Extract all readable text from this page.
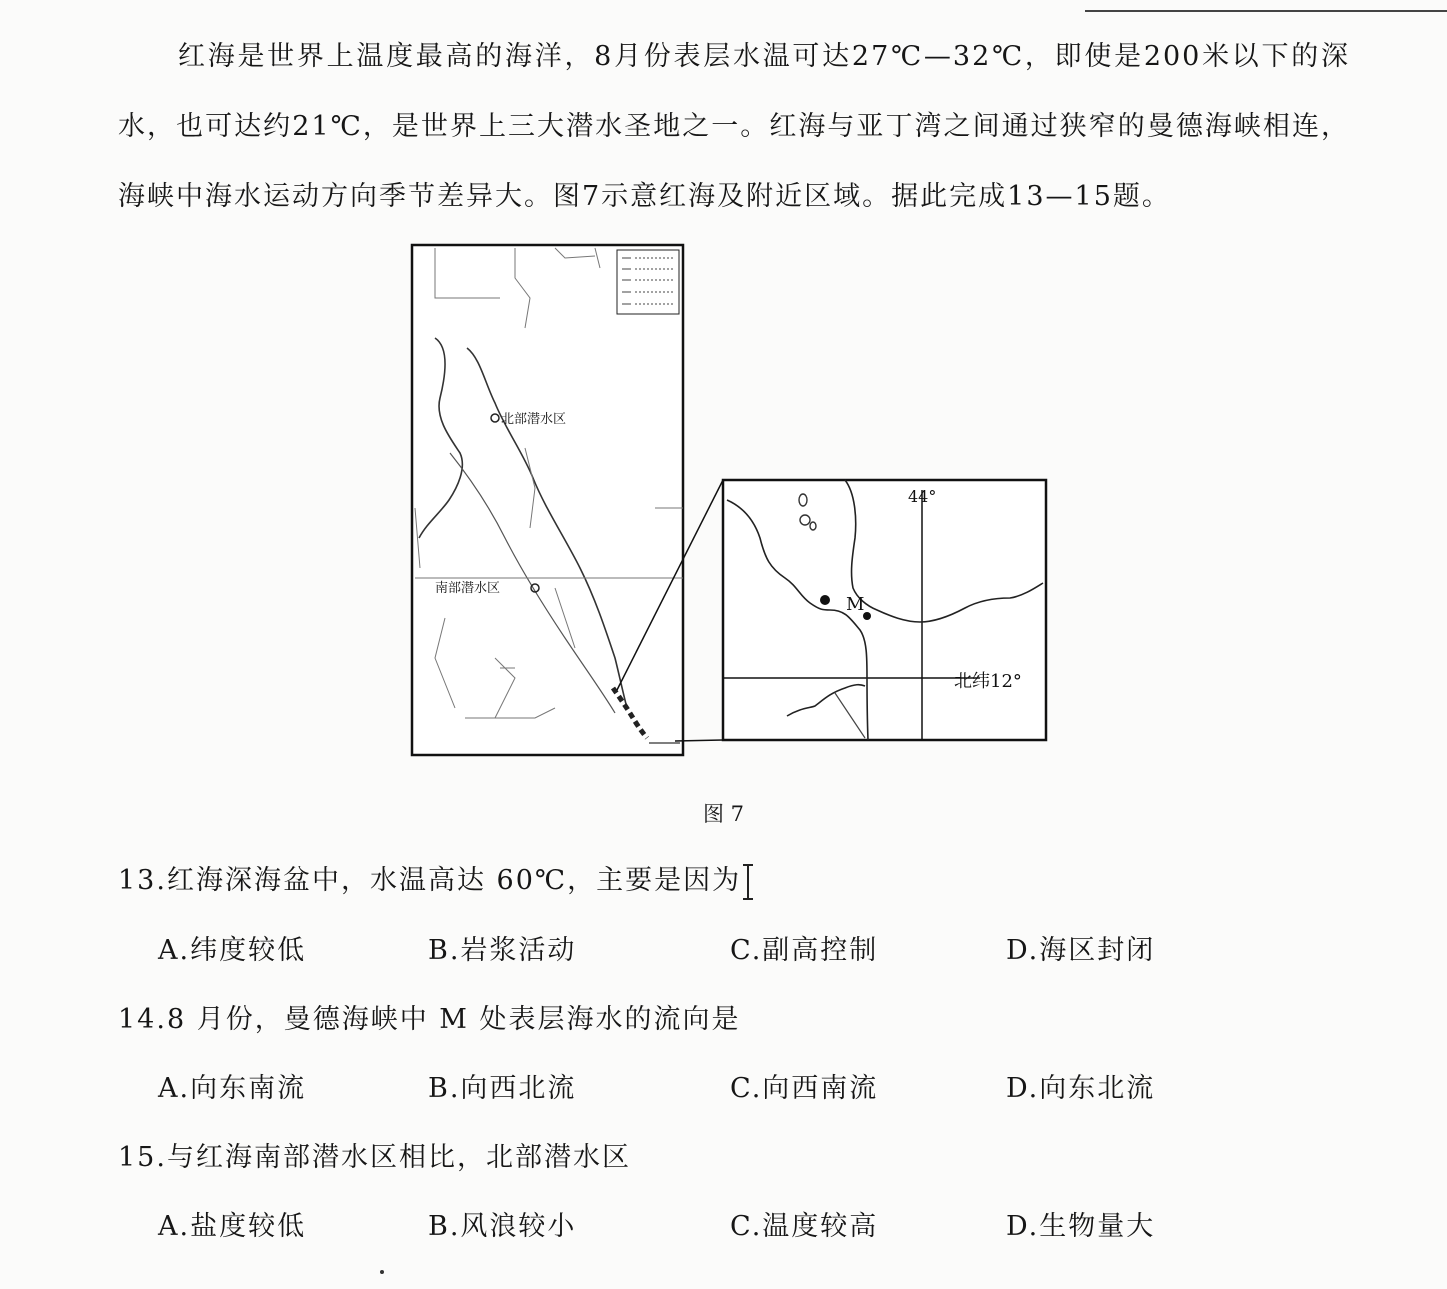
红海是世界上温度最高的海洋，8月份表层水温可达27℃—32℃，即使是200米以下的深水，也可达约21℃，是世界上三大潜水圣地之一。红海与亚丁湾之间通过狭窄的曼德海峡相连，海峡中海水运动方向季节差异大。图7示意红海及附近区域。据此完成13—15题。

北部潜水区
南部潜水区
44°
北纬12°
M
图 7
13.红海深海盆中，水温高达 60℃，主要是因为
A.纬度较低	B.岩浆活动	C.副高控制	D.海区封闭
14.8 月份，曼德海峡中 M 处表层海水的流向是
A.向东南流	B.向西北流	C.向西南流	D.向东北流
15.与红海南部潜水区相比，北部潜水区
A.盐度较低	B.风浪较小	C.温度较高	D.生物量大
